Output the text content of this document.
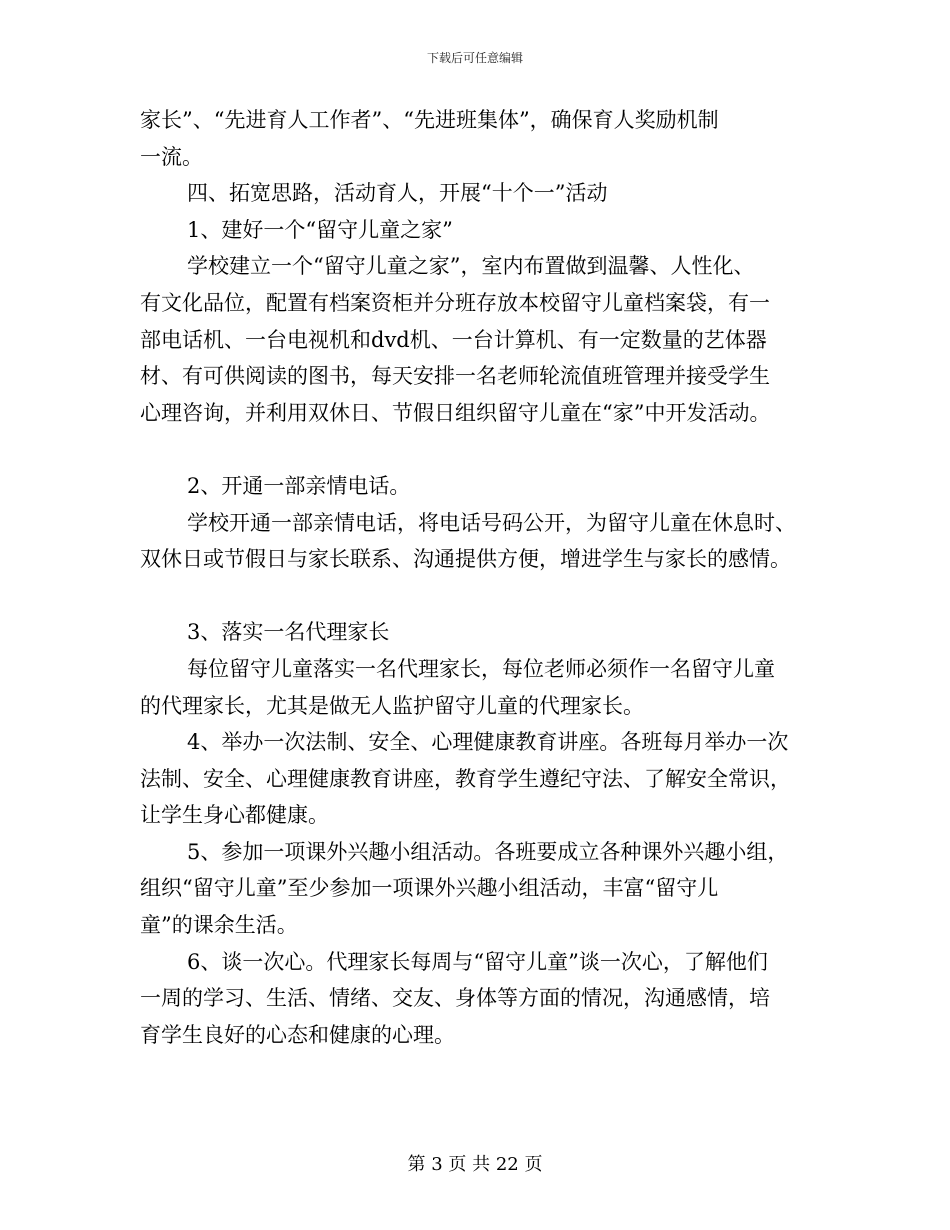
下载后可任意编辑
家长”、“先进育人工作者”、“先进班集体”，确保育人奖励机制
一流。
四、拓宽思路，活动育人，开展“十个一”活动
1、建好一个“留守儿童之家”
学校建立一个“留守儿童之家”，室内布置做到温馨、人性化、
有文化品位，配置有档案资柜并分班存放本校留守儿童档案袋，有一
部电话机、一台电视机和dvd机、一台计算机、有一定数量的艺体器
材、有可供阅读的图书，每天安排一名老师轮流值班管理并接受学生
心理咨询，并利用双休日、节假日组织留守儿童在“家”中开发活动。
2、开通一部亲情电话。
学校开通一部亲情电话，将电话号码公开，为留守儿童在休息时、
双休日或节假日与家长联系、沟通提供方便，增进学生与家长的感情。
3、落实一名代理家长
每位留守儿童落实一名代理家长，每位老师必须作一名留守儿童
的代理家长，尤其是做无人监护留守儿童的代理家长。
4、举办一次法制、安全、心理健康教育讲座。各班每月举办一次
法制、安全、心理健康教育讲座，教育学生遵纪守法、了解安全常识，
让学生身心都健康。
5、参加一项课外兴趣小组活动。各班要成立各种课外兴趣小组，
组织“留守儿童”至少参加一项课外兴趣小组活动，丰富“留守儿
童”的课余生活。
6、谈一次心。代理家长每周与“留守儿童”谈一次心，了解他们
一周的学习、生活、情绪、交友、身体等方面的情况，沟通感情，培
育学生良好的心态和健康的心理。
第 3 页 共 22 页
